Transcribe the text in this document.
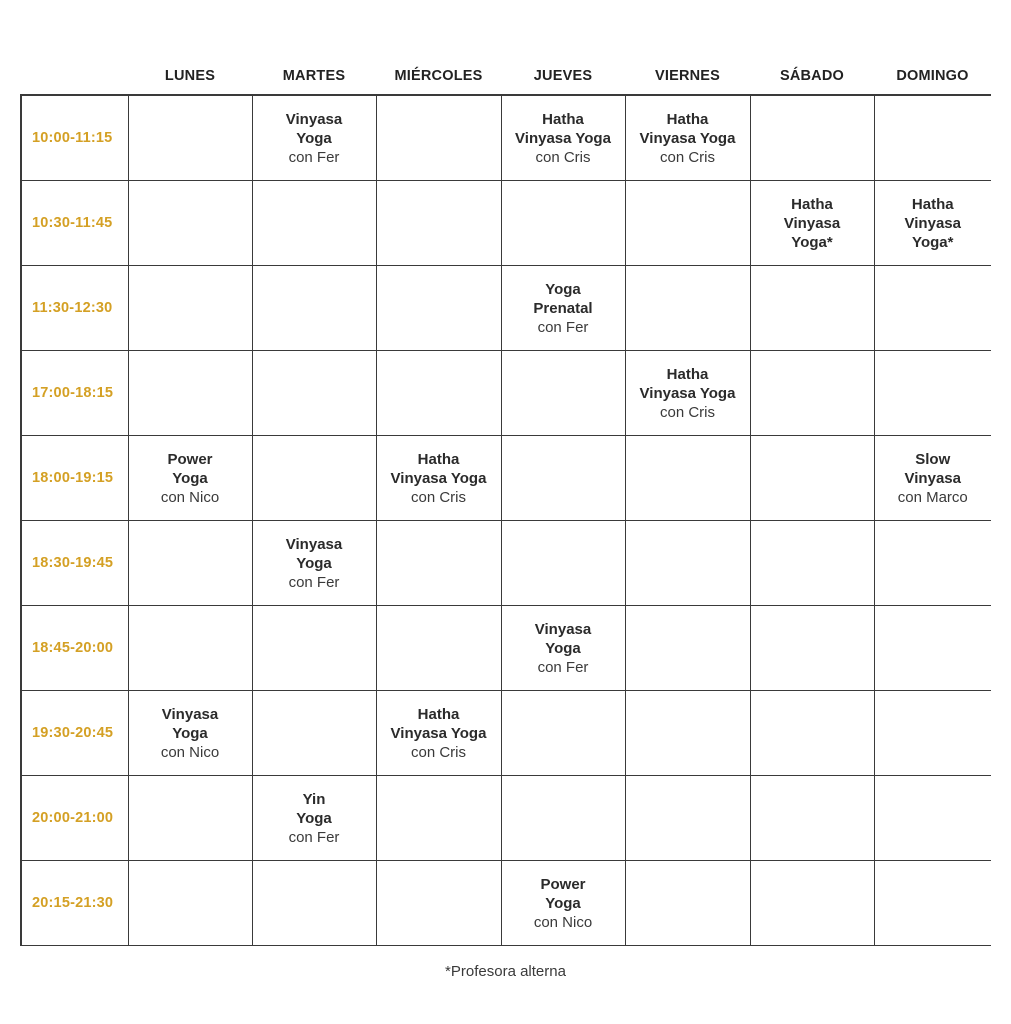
	LUNES	MARTES	MIÉRCOLES	JUEVES	VIERNES	SÁBADO	DOMINGO
10:00-11:15		Vinyasa
Yoga
con Fer		Hatha
Vinyasa Yoga
con Cris	Hatha
Vinyasa Yoga
con Cris		

10:30-11:45						Hatha
Vinyasa
Yoga*	Hatha
Vinyasa
Yoga*

11:30-12:30				Yoga
Prenatal
con Fer			

17:00-18:15					Hatha
Vinyasa Yoga
con Cris		

18:00-19:15	Power
Yoga
con Nico		Hatha
Vinyasa Yoga
con Cris				Slow
Vinyasa
con Marco

18:30-19:45		Vinyasa
Yoga
con Fer					

18:45-20:00				Vinyasa
Yoga
con Fer			

19:30-20:45	Vinyasa
Yoga
con Nico		Hatha
Vinyasa Yoga
con Cris				

20:00-21:00		Yin
Yoga
con Fer					

20:15-21:30				Power
Yoga
con Nico			

*Profesora alterna
